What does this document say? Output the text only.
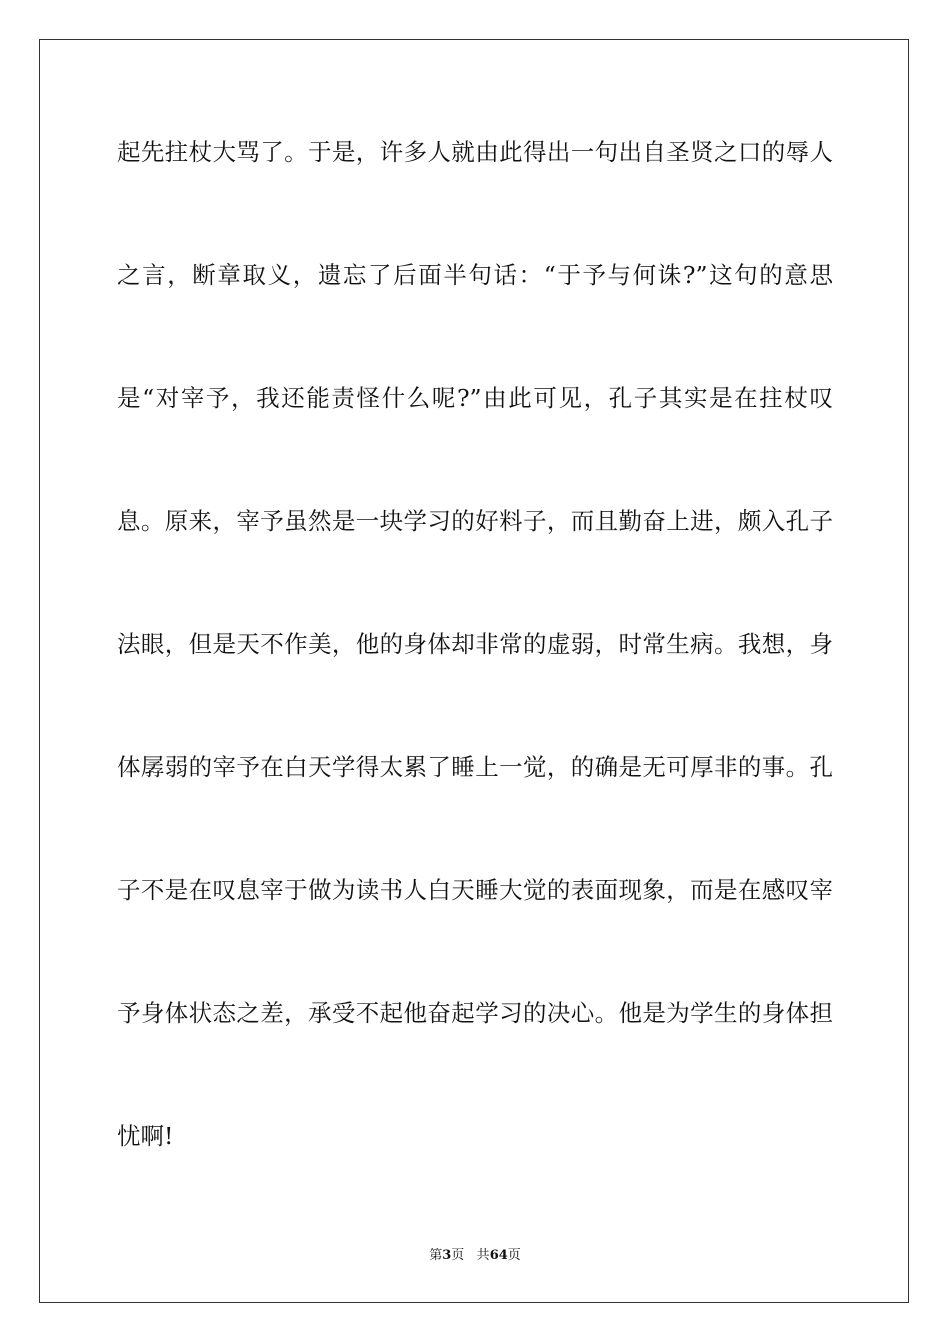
起先拄杖大骂了。于是，许多人就由此得出一句出自圣贤之口的辱人
之言，断章取义，遗忘了后面半句话：“于予与何诛?”这句的意思
是“对宰予，我还能责怪什么呢?”由此可见，孔子其实是在拄杖叹
息。原来，宰予虽然是一块学习的好料子，而且勤奋上进，颇入孔子
法眼，但是天不作美，他的身体却非常的虚弱，时常生病。我想，身
体孱弱的宰予在白天学得太累了睡上一觉，的确是无可厚非的事。孔
子不是在叹息宰于做为读书人白天睡大觉的表面现象，而是在感叹宰
予身体状态之差，承受不起他奋起学习的决心。他是为学生的身体担
忧啊!
第3页 共64页
